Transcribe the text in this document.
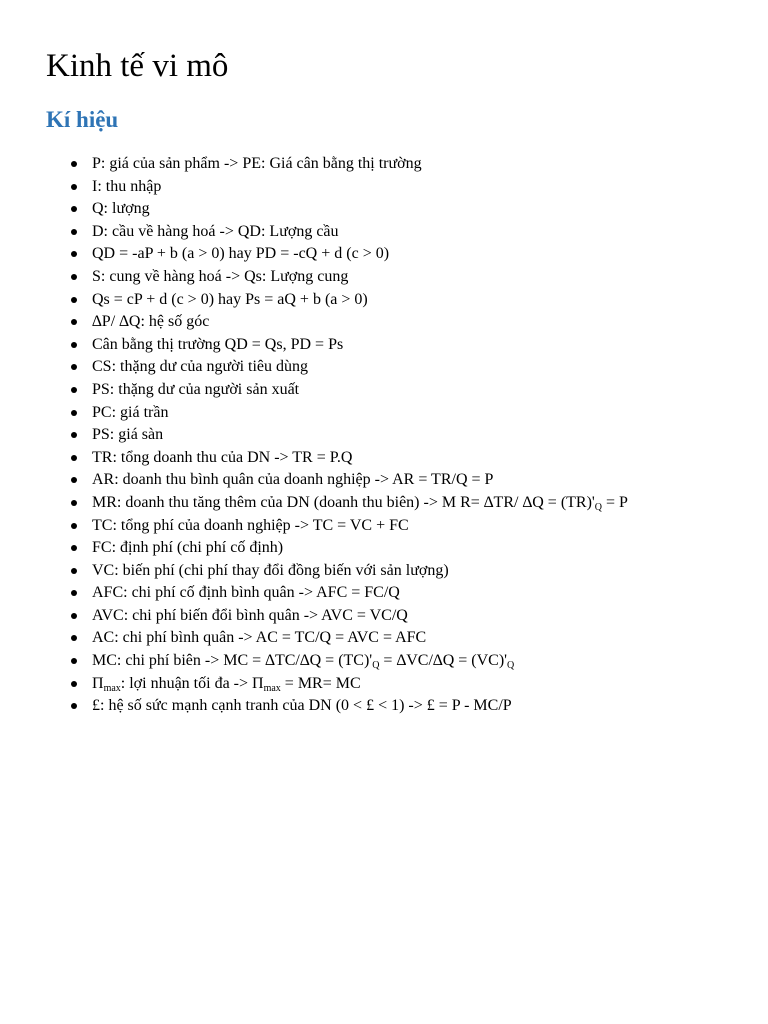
Kinh tế vi mô
Kí hiệu
P: giá của sản phẩm -> PE: Giá cân bằng thị trường
I: thu nhập
Q: lượng
D: cầu về hàng hoá -> QD: Lượng cầu
QD = -aP + b (a > 0) hay PD = -cQ + d (c > 0)
S: cung về hàng hoá -> Qs: Lượng cung
Qs = cP + d (c > 0) hay Ps = aQ + b (a > 0)
∆P/ ∆Q: hệ số góc
Cân bằng thị trường QD = Qs, PD = Ps
CS: thặng dư của người tiêu dùng
PS: thặng dư của người sản xuất
PC: giá trần
PS: giá sàn
TR: tổng doanh thu của DN -> TR = P.Q
AR: doanh thu bình quân của doanh nghiệp -> AR = TR/Q = P
MR: doanh thu tăng thêm của DN (doanh thu biên) -> M R= ∆TR/ $\Delta Q = (TR)'_Q = P$
TC: tổng phí của doanh nghiệp -> TC = VC + FC
FC: định phí (chi phí cố định)
VC: biến phí (chi phí thay đổi đồng biến với sản lượng)
AFC: chi phí cố định bình quân -> AFC = FC/Q
AVC: chi phí biến đổi bình quân -> AVC = VC/Q
AC: chi phí bình quân -> AC = TC/Q = AVC = AFC
MC: chi phí biên -> MC = $\Delta TC/\Delta Q = (TC)'_Q = \Delta VC/\Delta Q = (VC)'_Q$
$\Pi_{max}$: lợi nhuận tối đa -> $\Pi_{max} = MR=$ MC
£: hệ số sức mạnh cạnh tranh của DN (0 < £ < 1) -> £ = P - MC/P
